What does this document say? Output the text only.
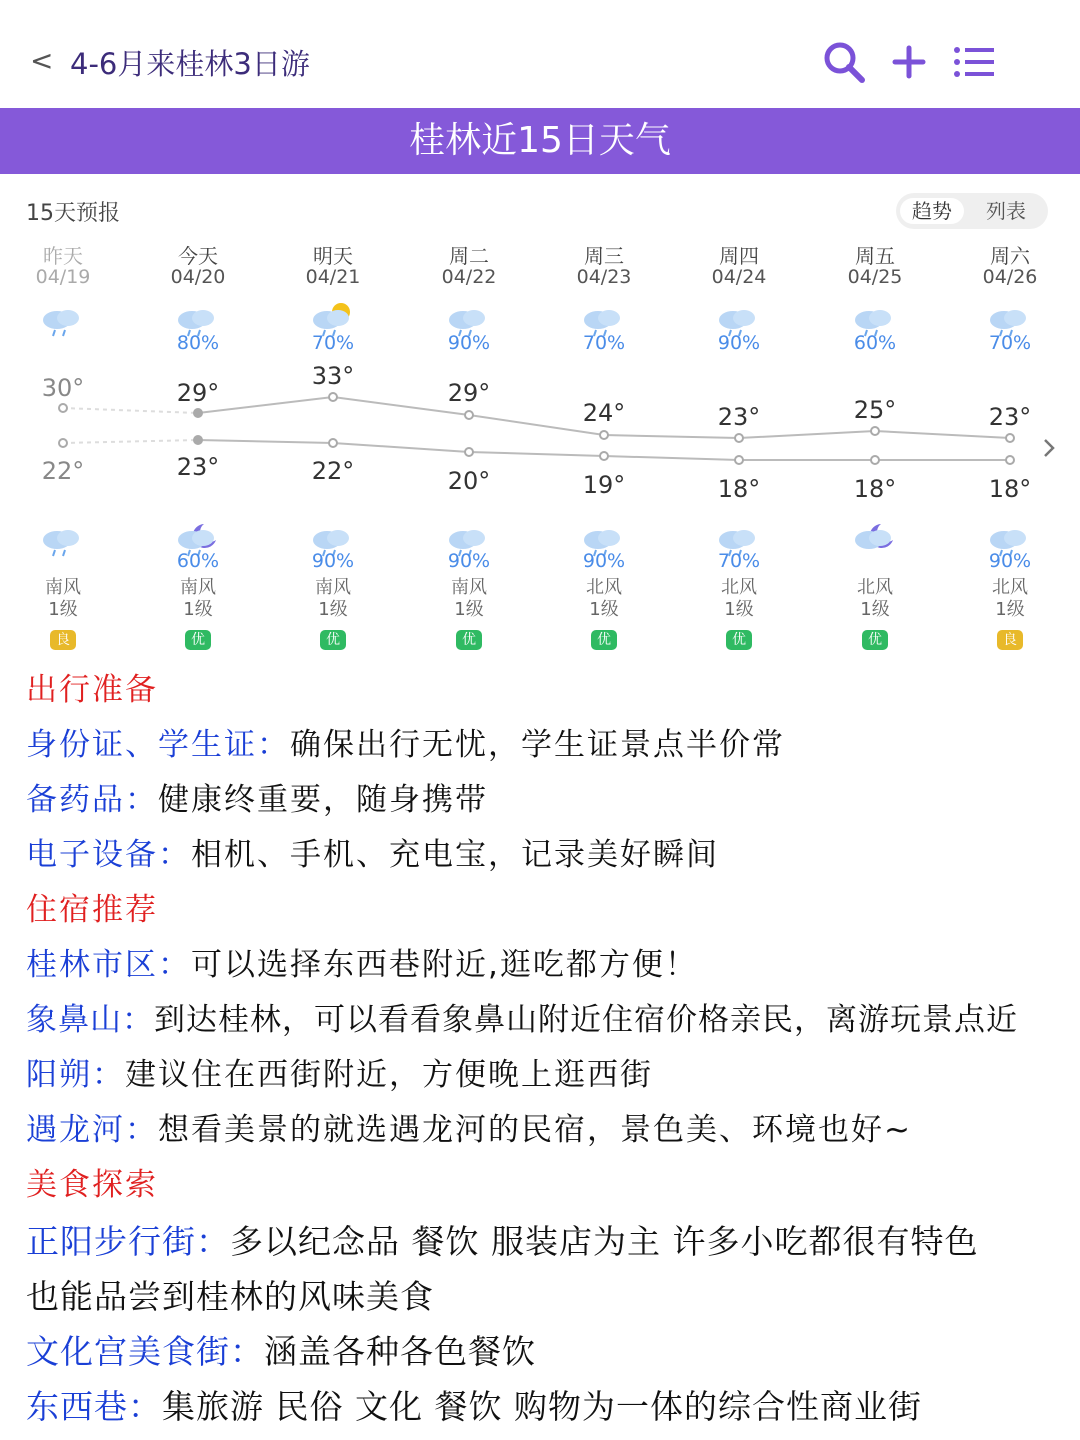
< 4-6月来桂林3日游
桂林近15日天气
15天预报	趋势	列表
昨天
04/19
30°
22°
南风
1级
良
今天
04/20
80%
29°
23°
60%
南风
1级
优
明天
04/21
70%
33°
22°
90%
南风
1级
优
周二
04/22
90%
29°
20°
90%
南风
1级
优
周三
04/23
70%
24°
19°
90%
北风
1级
优
周四
04/24
90%
23°
18°
70%
北风
1级
优
周五
04/25
60%
25°
18°
北风
1级
优
周六
04/26
70%
23°
18°
90%
北风
1级
良
出行准备
身份证、学生证：确保出行无忧，学生证景点半价常
备药品：健康终重要，随身携带
电子设备：相机、手机、充电宝，记录美好瞬间
住宿推荐
桂林市区：可以选择东西巷附近,逛吃都方便！
象鼻山：到达桂林，可以看看象鼻山附近住宿价格亲民，离游玩景点近
阳朔：建议住在西街附近，方便晚上逛西街
遇龙河：想看美景的就选遇龙河的民宿，景色美、环境也好~
美食探索
正阳步行街：多以纪念品 餐饮 服装店为主 许多小吃都很有特色
也能品尝到桂林的风味美食
文化宫美食街：涵盖各种各色餐饮
东西巷：集旅游 民俗 文化 餐饮 购物为一体的综合性商业街
